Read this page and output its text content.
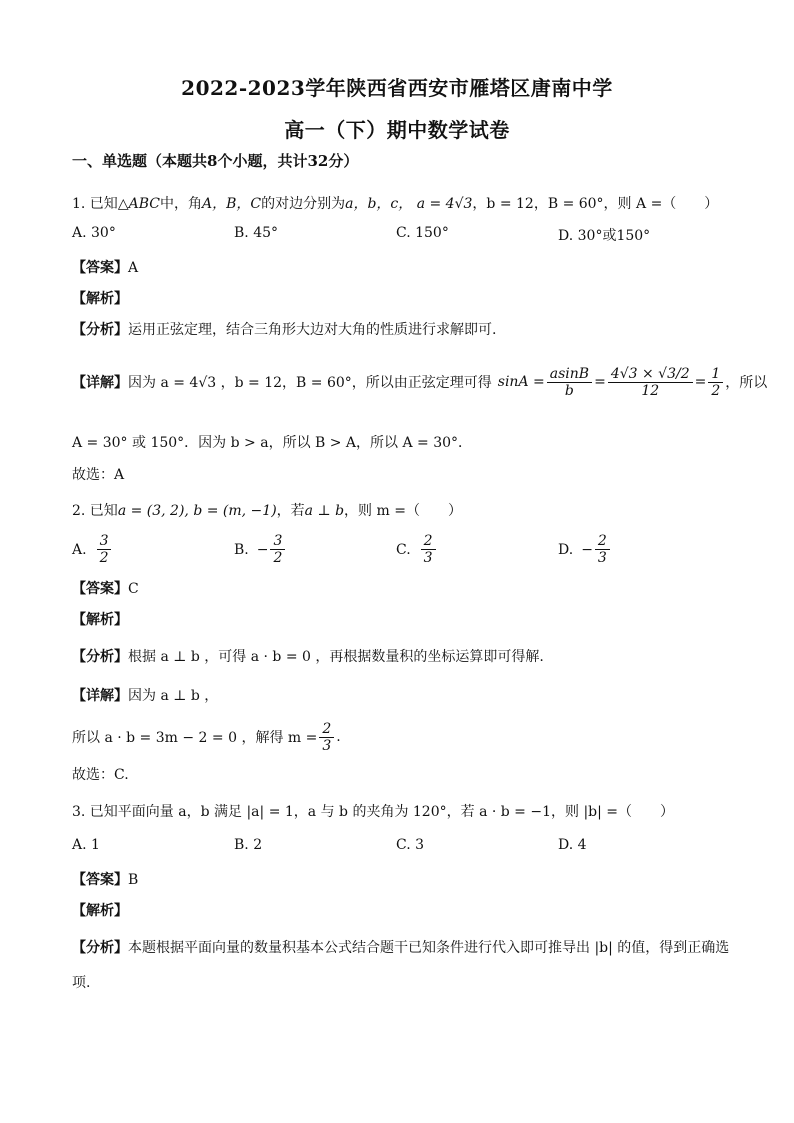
2022-2023学年陕西省西安市雁塔区唐南中学
高一（下）期中数学试卷
一、单选题（本题共8个小题，共计32分）
1. 已知△ABC中，角A，B，C的对边分别为a，b，c， a = 4√3，b = 12，B = 60°，则 A =（　　）
A. 30°	B. 45°	C. 150°	D. 30°或150°
【答案】A
【解析】
【分析】运用正弦定理，结合三角形大边对大角的性质进行求解即可.
【详解】 因为 a = 4√3 ，b = 12，B = 60°，所以由正弦定理可得 $\sin A = \frac{asinB}{b} = \frac{4√3 \times √3/2}{12} = \frac{1}{2}$ ，所以
A = 30° 或 150°．因为 b > a，所以 B > A，所以 A = 30°．
故选：A
2. 已知a = (3, 2), b = (m, −1)，若a ⊥ b，则 m =（　　）
A. $\frac{3}{2}$	B. − $\frac{3}{2}$	C. $\frac{2}{3}$	D. − $\frac{2}{3}$
【答案】C
【解析】
【分析】根据 a ⊥ b ，可得 a · b = 0 ，再根据数量积的坐标运算即可得解.
【详解】因为 a ⊥ b ，
所以 a · b = 3m − 2 = 0 ，解得 $m = \frac{2}{3}$ .
故选：C.
3. 已知平面向量 a，b 满足 |a| = 1，a 与 b 的夹角为 120°，若 a · b = −1，则 |b| =（　　）
A. 1	B. 2	C. 3	D. 4
【答案】B
【解析】
【分析】本题根据平面向量的数量积基本公式结合题干已知条件进行代入即可推导出 |b| 的值，得到正确选
项.
